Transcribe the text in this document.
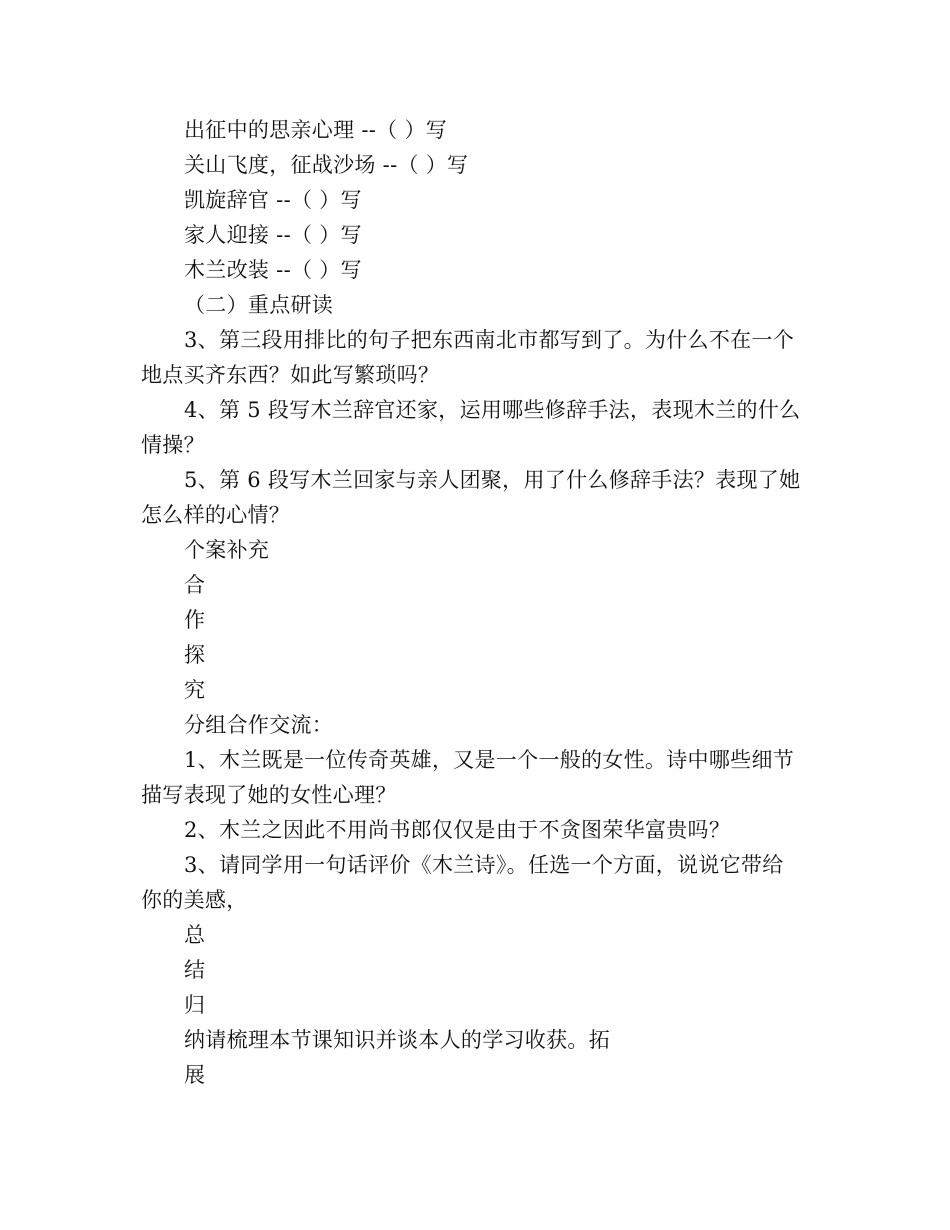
出征中的思亲心理 --（ ）写
关山飞度，征战沙场 --（ ）写
凯旋辞官 --（ ）写
家人迎接 --（ ）写
木兰改装 --（ ）写
（二）重点研读
3、第三段用排比的句子把东西南北市都写到了。为什么不在一个
地点买齐东西？如此写繁琐吗？
4、第 5 段写木兰辞官还家，运用哪些修辞手法，表现木兰的什么
情操？
5、第 6 段写木兰回家与亲人团聚，用了什么修辞手法？表现了她
怎么样的心情？
个案补充
合
作
探
究
分组合作交流：
1、木兰既是一位传奇英雄，又是一个一般的女性。诗中哪些细节
描写表现了她的女性心理？
2、木兰之因此不用尚书郎仅仅是由于不贪图荣华富贵吗？
3、请同学用一句话评价《木兰诗》。任选一个方面，说说它带给
你的美感，
总
结
归
纳请梳理本节课知识并谈本人的学习收获。拓
展
